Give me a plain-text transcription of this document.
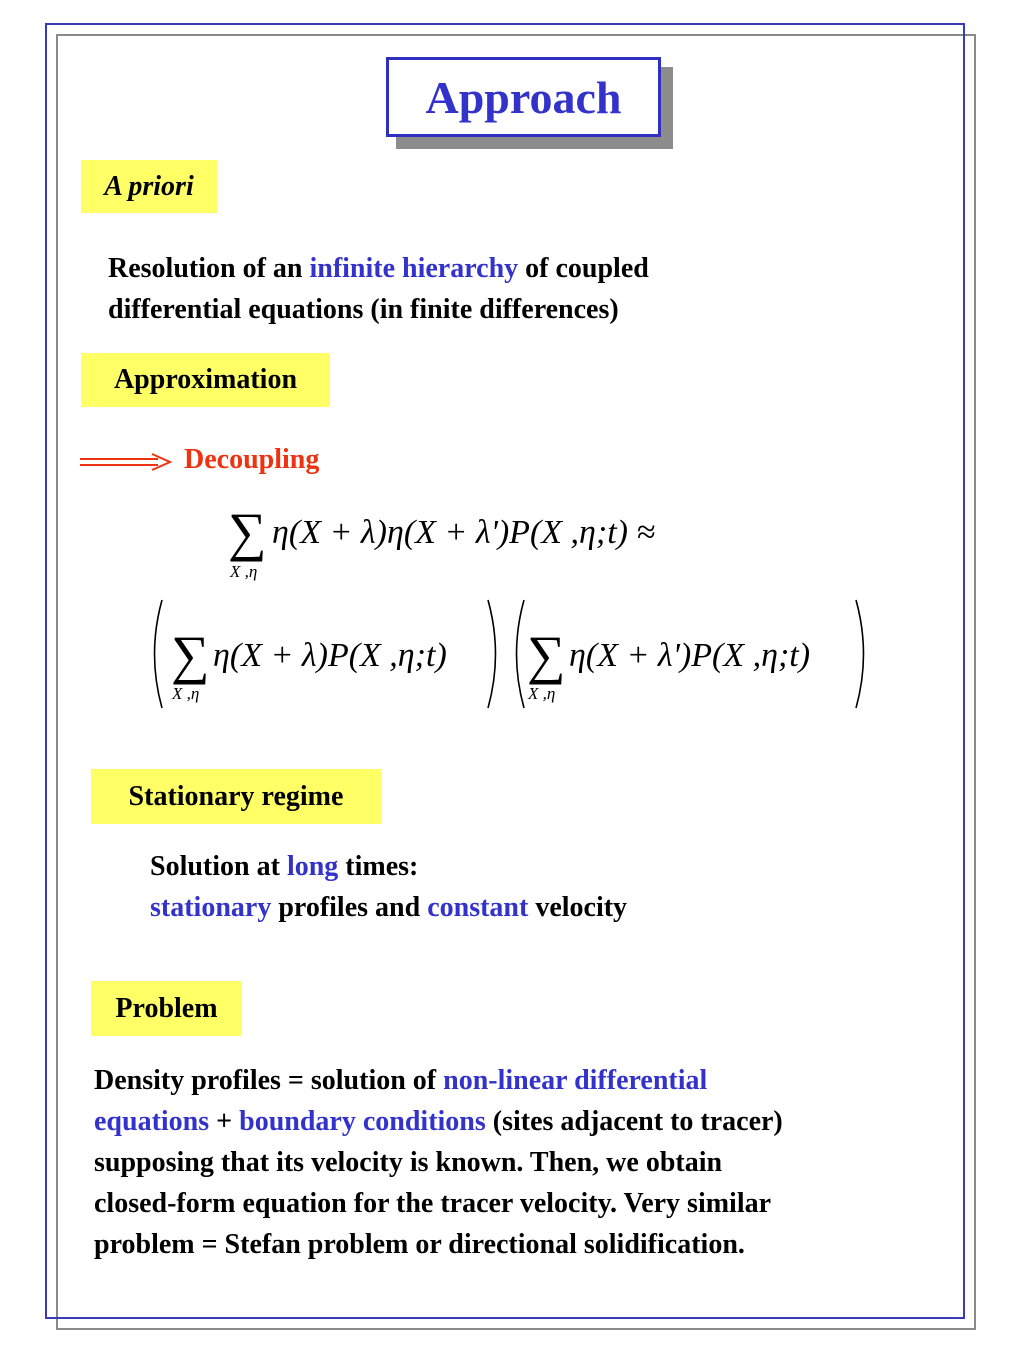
Approach
A priori
Resolution of an infinite hierarchy of coupled
differential equations (in finite differences)
Approximation
Decoupling
∑
X ,η
η(X + λ)η(X + λ')P(X ,η;t) ≈
∑
X ,η
η(X + λ)P(X ,η;t) ∑
X ,η
η(X + λ')P(X ,η;t)
Stationary regime
Solution at long times:
stationary profiles and constant velocity
Problem
Density profiles = solution of non-linear differential
equations + boundary conditions (sites adjacent to tracer)
supposing that its velocity is known. Then, we obtain
closed-form equation for the tracer velocity. Very similar
problem = Stefan problem or directional solidification.
